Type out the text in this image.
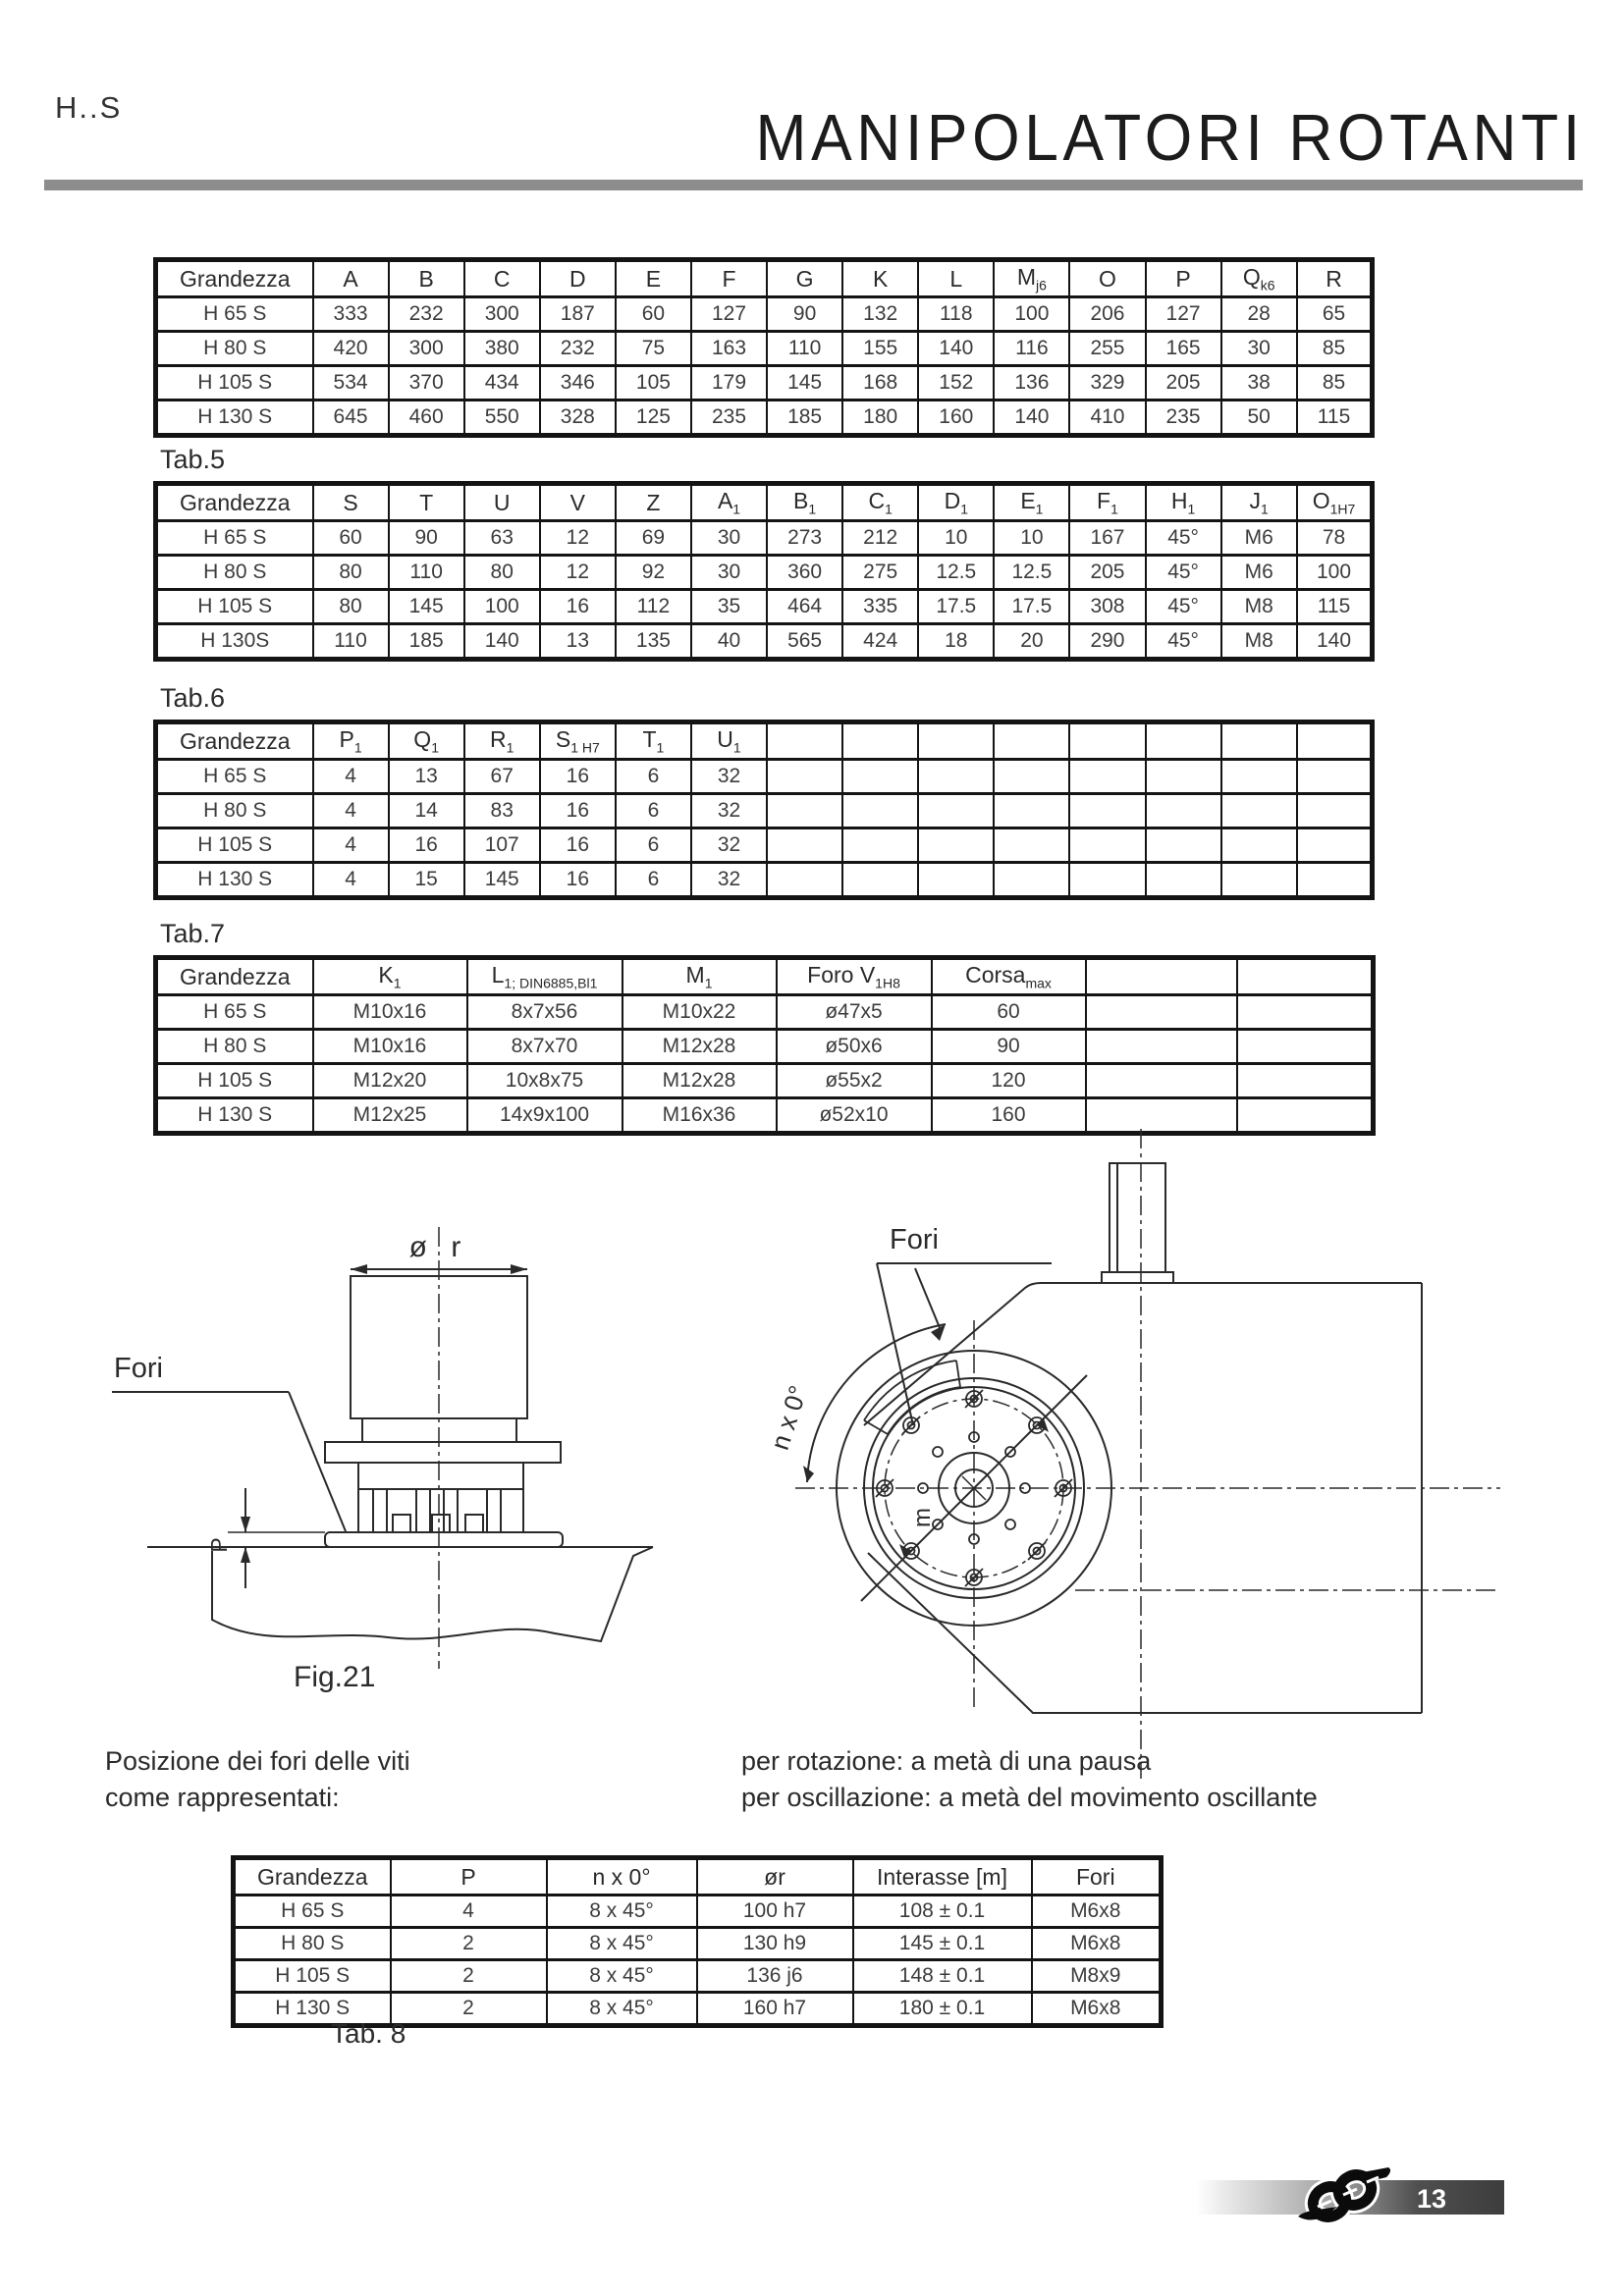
H..S	MANIPOLATORI ROTANTI
Grandezza	A	B	C	D	E	F	G	K	L	$M_{j6}$	O	P	$Q_{k6}$	R
H 65 S	333	232	300	187	60	127	90	132	118	100	206	127	28	65
H 80 S	420	300	380	232	75	163	110	155	140	116	255	165	30	85
H 105 S	534	370	434	346	105	179	145	168	152	136	329	205	38	85
H 130 S	645	460	550	328	125	235	185	180	160	140	410	235	50	115
Tab.5
Grandezza	S	T	U	V	Z	$A_1$	$B_1$	$C_1$	$D_1$	$E_1$	$F_1$	$H_1$	$J_1$	$O_{1H7}$
H 65 S	60	90	63	12	69	30	273	212	10	10	167	45°	M6	78
H 80 S	80	110	80	12	92	30	360	275	12.5	12.5	205	45°	M6	100
H 105 S	80	145	100	16	112	35	464	335	17.5	17.5	308	45°	M8	115
H 130S	110	185	140	13	135	40	565	424	18	20	290	45°	M8	140
Tab.6
Grandezza	$P_1$	$Q_1$	$R_1$	$S_{1 H7}$	$T_1$	$U_1$								
H 65 S	4	13	67	16	6	32								
H 80 S	4	14	83	16	6	32								
H 105 S	4	16	107	16	6	32								
H 130 S	4	15	145	16	6	32								
Tab.7
Grandezza	$K_1$	$L_{1; DIN6885,Bl1}$	$M_1$	Foro $V_{1H8}$	Corsa$_{max}$		
H 65 S	M10x16	8x7x56	M10x22	ø47x5	60		
H 80 S	M10x16	8x7x70	M12x28	ø50x6	90		
H 105 S	M12x20	10x8x75	M12x28	ø55x2	120		
H 130 S	M12x25	14x9x100	M16x36	ø52x10	160		
ø r
Fori
P
Fig.21
Fori
n x 0°
m
Posizione dei fori delle viti
come rappresentati:
per rotazione: a metà di una pausa
per oscillazione: a metà del movimento oscillante
Grandezza	P	n x 0°	ør	Interasse [m]	Fori
H 65 S	4	8 x 45°	100 h7	108 ± 0.1	M6x8
H 80 S	2	8 x 45°	130 h9	145 ± 0.1	M6x8
H 105 S	2	8 x 45°	136 j6	148 ± 0.1	M8x9
H 130 S	2	8 x 45°	160 h7	180 ± 0.1	M6x8
Tab. 8
13
